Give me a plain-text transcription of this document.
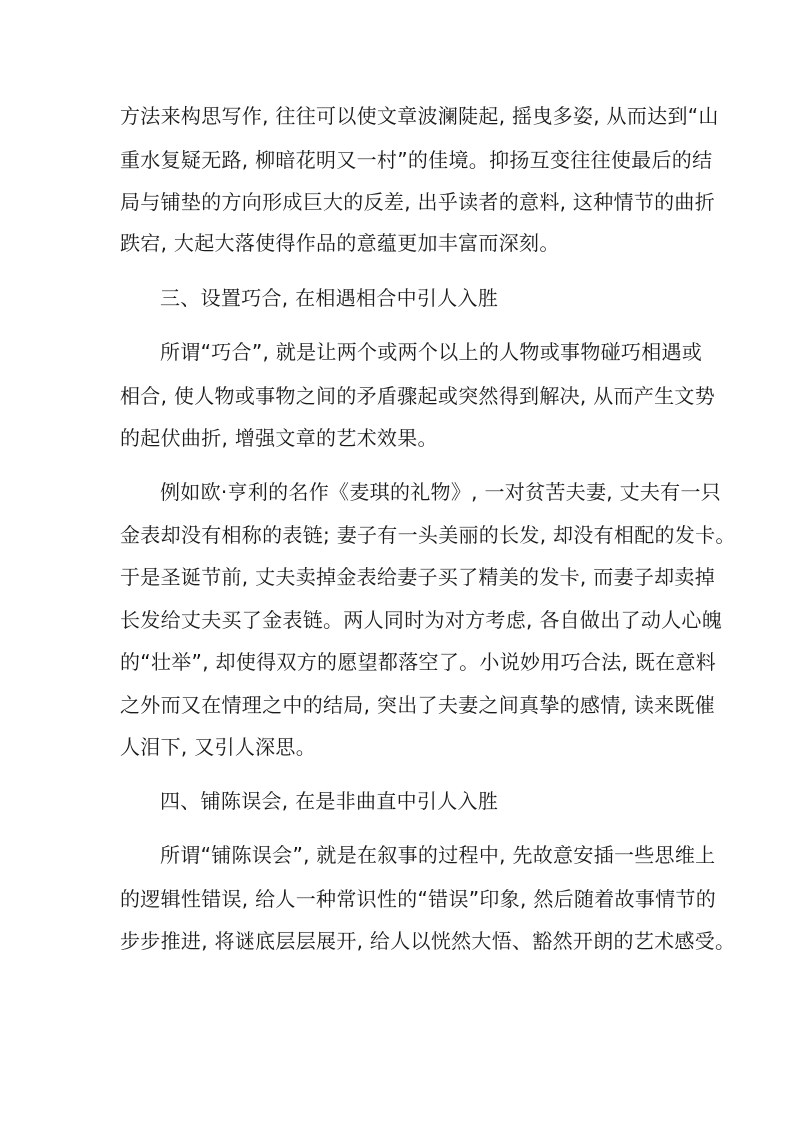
方法来构思写作, 往往可以使文章波澜陡起, 摇曳多姿, 从而达到“山
重水复疑无路, 柳暗花明又一村”的佳境。抑扬互变往往使最后的结
局与铺垫的方向形成巨大的反差, 出乎读者的意料, 这种情节的曲折
跌宕, 大起大落使得作品的意蕴更加丰富而深刻。
三、设置巧合, 在相遇相合中引人入胜
所谓“巧合”, 就是让两个或两个以上的人物或事物碰巧相遇或
相合, 使人物或事物之间的矛盾骤起或突然得到解决, 从而产生文势
的起伏曲折, 增强文章的艺术效果。
例如欧·亨利的名作《麦琪的礼物》, 一对贫苦夫妻, 丈夫有一只
金表却没有相称的表链; 妻子有一头美丽的长发, 却没有相配的发卡。
于是圣诞节前, 丈夫卖掉金表给妻子买了精美的发卡, 而妻子却卖掉
长发给丈夫买了金表链。两人同时为对方考虑, 各自做出了动人心魄
的“壮举”, 却使得双方的愿望都落空了。小说妙用巧合法, 既在意料
之外而又在情理之中的结局, 突出了夫妻之间真挚的感情, 读来既催
人泪下, 又引人深思。
四、铺陈误会, 在是非曲直中引人入胜
所谓“铺陈误会”, 就是在叙事的过程中, 先故意安插一些思维上
的逻辑性错误, 给人一种常识性的“错误”印象, 然后随着故事情节的
步步推进, 将谜底层层展开, 给人以恍然大悟、豁然开朗的艺术感受。
